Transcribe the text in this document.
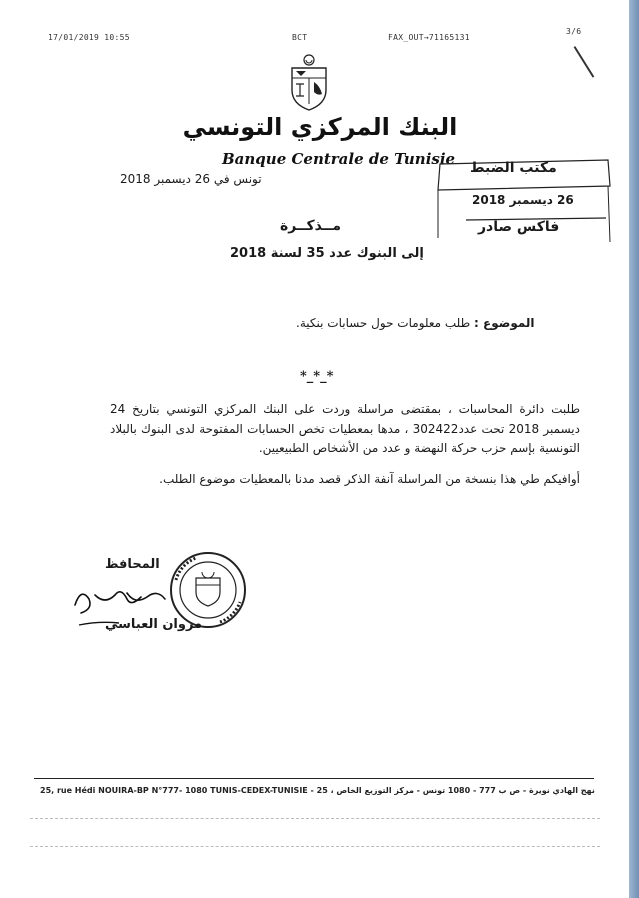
17/01/2019 10:55	BCT	FAX_OUT→71165131
3/6
البنك المركزي التونسي
Banque Centrale de Tunisie
تونس في 26 ديسمبر 2018
مكتب الضبط
26 ديسمبر 2018
فاكس صادر
مــذكــرة
إلى البنوك عدد 35 لسنة 2018
الموضوع : طلب معلومات حول حسابات بنكية.
*_*_*
طلبت دائرة المحاسبات ، بمقتضى مراسلة وردت على البنك المركزي التونسي بتاريخ 24 ديسمبر 2018 تحت عدد302422 ، مدها بمعطيات تخص الحسابات المفتوحة لدى البنوك بالبلاد التونسية بإسم حزب حركة النهضة و عدد من الأشخاص الطبيعيين.
أوافيكم طي هذا بنسخة من المراسلة آنفة الذكر قصد مدنا بالمعطيات موضوع الطلب.
المحافظ
مروان العباسي
25, rue Hédi NOUIRA-BP N°777- 1080 TUNIS-CEDEX-TUNISIE - 25 ، نهج الهادي نويرة - ص ب 777 - 1080 تونس - مركز التوزيع الخاص
